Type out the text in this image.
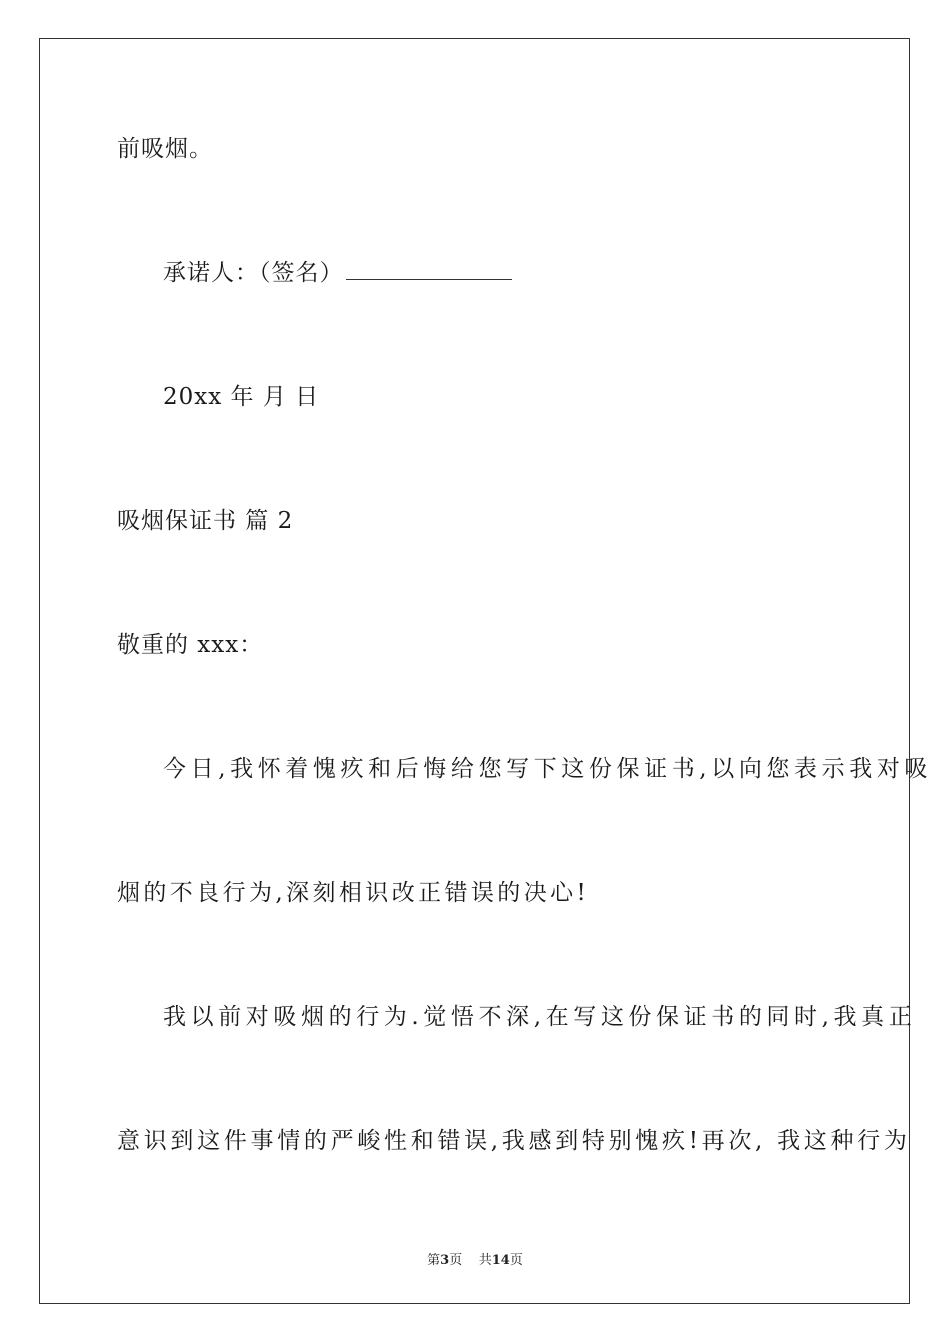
前吸烟。
承诺人：（签名）
20xx 年 月 日
吸烟保证书 篇 2
敬重的 xxx：
今日,我怀着愧疚和后悔给您写下这份保证书,以向您表示我对吸
烟的不良行为,深刻相识改正错误的决心!
我以前对吸烟的行为.觉悟不深,在写这份保证书的同时,我真正
意识到这件事情的严峻性和错误,我感到特别愧疚!再次, 我这种行为
第3页 共14页
